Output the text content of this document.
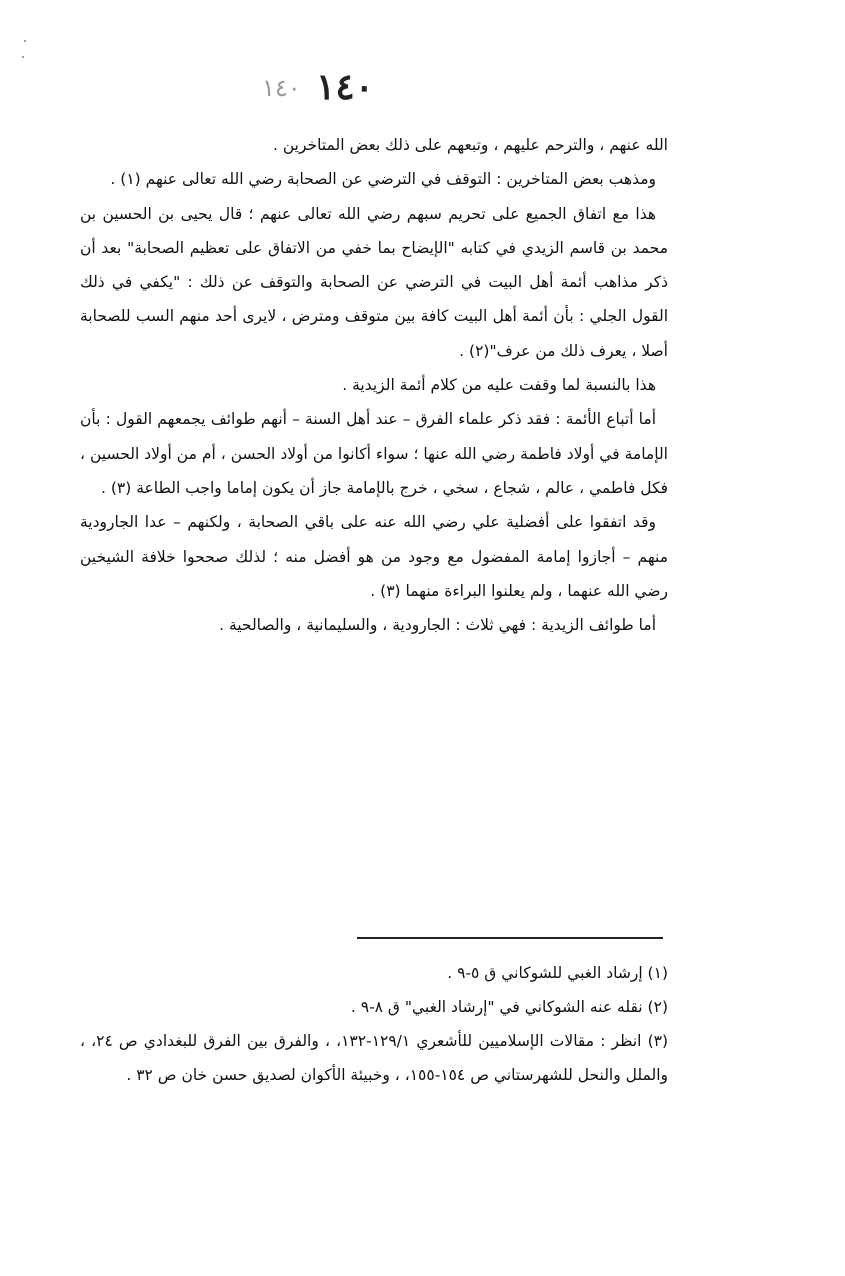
١٤٠ ١٤٠

الله عنهم ، والترحم عليهم ، وتبعهم على ذلك بعض المتاخرين .

ومذهب بعض المتاخرين : التوقف في الترضي عن الصحابة رضي الله تعالى عنهم (١) .

هذا مع اتفاق الجميع على تحريم سبهم رضي الله تعالى عنهم ؛ قال يحيى بن الحسين بن محمد بن قاسم الزيدي في كتابه "الإيضاح بما خفي من الاتفاق على تعظيم الصحابة" بعد أن ذكر مذاهب أئمة أهل البيت في الترضي عن الصحابة والتوقف عن ذلك : "يكفي في ذلك القول الجلي : بأن أئمة أهل البيت كافة بين متوقف ومترض ، لايرى أحد منهم السب للصحابة أصلا ، يعرف ذلك من عرف"(٢) .

هذا بالنسبة لما وقفت عليه من كلام أئمة الزيدية .

أما أتباع الأئمة : فقد ذكر علماء الفرق – عند أهل السنة – أنهم طوائف يجمعهم القول : بأن الإمامة في أولاد فاطمة رضي الله عنها ؛ سواء أكانوا من أولاد الحسن ، أم من أولاد الحسين ، فكل فاطمي ، عالم ، شجاع ، سخي ، خرج بالإمامة جاز أن يكون إماما واجب الطاعة (٣) .

وقد اتفقوا على أفضلية علي رضي الله عنه على باقي الصحابة ، ولكنهم – عدا الجارودية منهم – أجازوا إمامة المفضول مع وجود من هو أفضل منه ؛ لذلك صححوا خلافة الشيخين رضي الله عنهما ، ولم يعلنوا البراءة منهما (٣) .

أما طوائف الزيدية : فهي ثلاث : الجارودية ، والسليمانية ، والصالحية .

(١) إرشاد الغبي للشوكاني ق ٥-٩ .

(٢) نقله عنه الشوكاني في "إرشاد الغبي" ق ٨-٩ .

(٣) انظر : مقالات الإسلاميين للأشعري ١٢٩/١-١٣٢، ، والفرق بين الفرق للبغدادي ص ٢٤، ، والملل والنحل للشهرستاني ص ١٥٤-١٥٥، ، وخبيئة الأكوان لصديق حسن خان ص ٣٢ .
